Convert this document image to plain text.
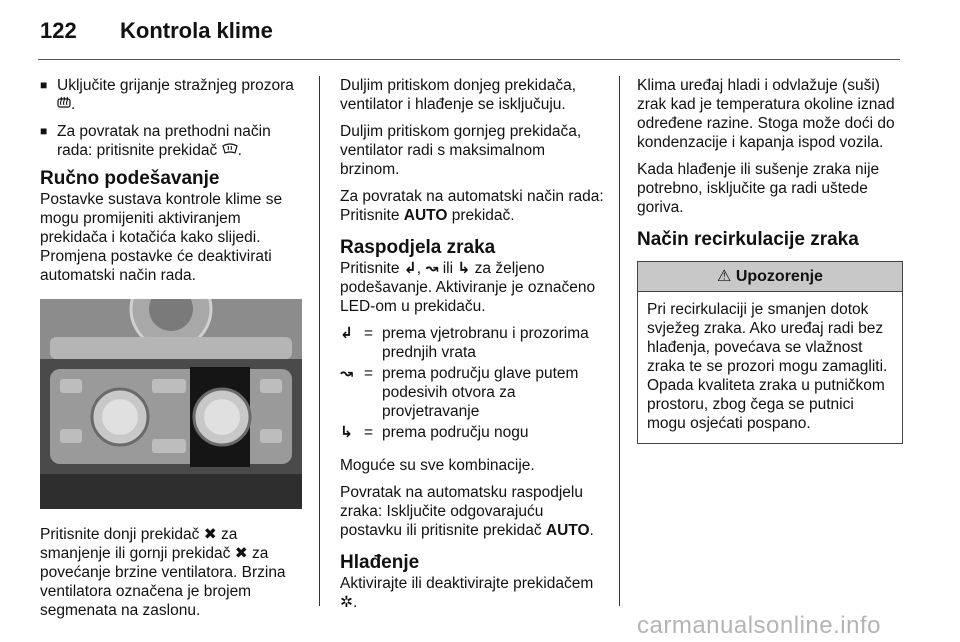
122 Kontrola klime
■ Uključite grijanje stražnjeg prozora .
■ Za povratak na prethodni način rada: pritisnite prekidač .
Ručno podešavanje

Postavke sustava kontrole klime se mogu promijeniti aktiviranjem prekidača i kotačića kako slijedi. Promjena postavke će deaktivirati automatski način rada.

Pritisnite donji prekidač ✖ za smanjenje ili gornji prekidač ✖ za povećanje brzine ventilatora. Brzina ventilatora označena je brojem segmenata na zaslonu.

Duljim pritiskom donjeg prekidača, ventilator i hlađenje se isključuju.

Duljim pritiskom gornjeg prekidača, ventilator radi s maksimalnom brzinom.

Za povratak na automatski način rada: Pritisnite AUTO prekidač.

Raspodjela zraka

Pritisnite ↲, ↝ ili ↳ za željeno podešavanje. Aktiviranje je označeno LED-om u prekidaču.

↲	=	prema vjetrobranu i prozorima prednjih vrata
↝	=	prema području glave putem podesivih otvora za provjetravanje
↳	=	prema području nogu

Moguće su sve kombinacije.

Povratak na automatsku raspodjelu zraka: Isključite odgovarajuću postavku ili pritisnite prekidač AUTO.

Hlađenje

Aktivirajte ili deaktivirajte prekidačem ✲.

Klima uređaj hladi i odvlažuje (suši) zrak kad je temperatura okoline iznad određene razine. Stoga može doći do kondenzacije i kapanja ispod vozila.

Kada hlađenje ili sušenje zraka nije potrebno, isključite ga radi uštede goriva.

Način recirkulacije zraka
⚠ Upozorenje
Pri recirkulaciji je smanjen dotok svježeg zraka. Ako uređaj radi bez hlađenja, povećava se vlažnost zraka te se prozori mogu zamagliti. Opada kvaliteta zraka u putničkom prostoru, zbog čega se putnici mogu osjećati pospano.
carmanualsonline.info
